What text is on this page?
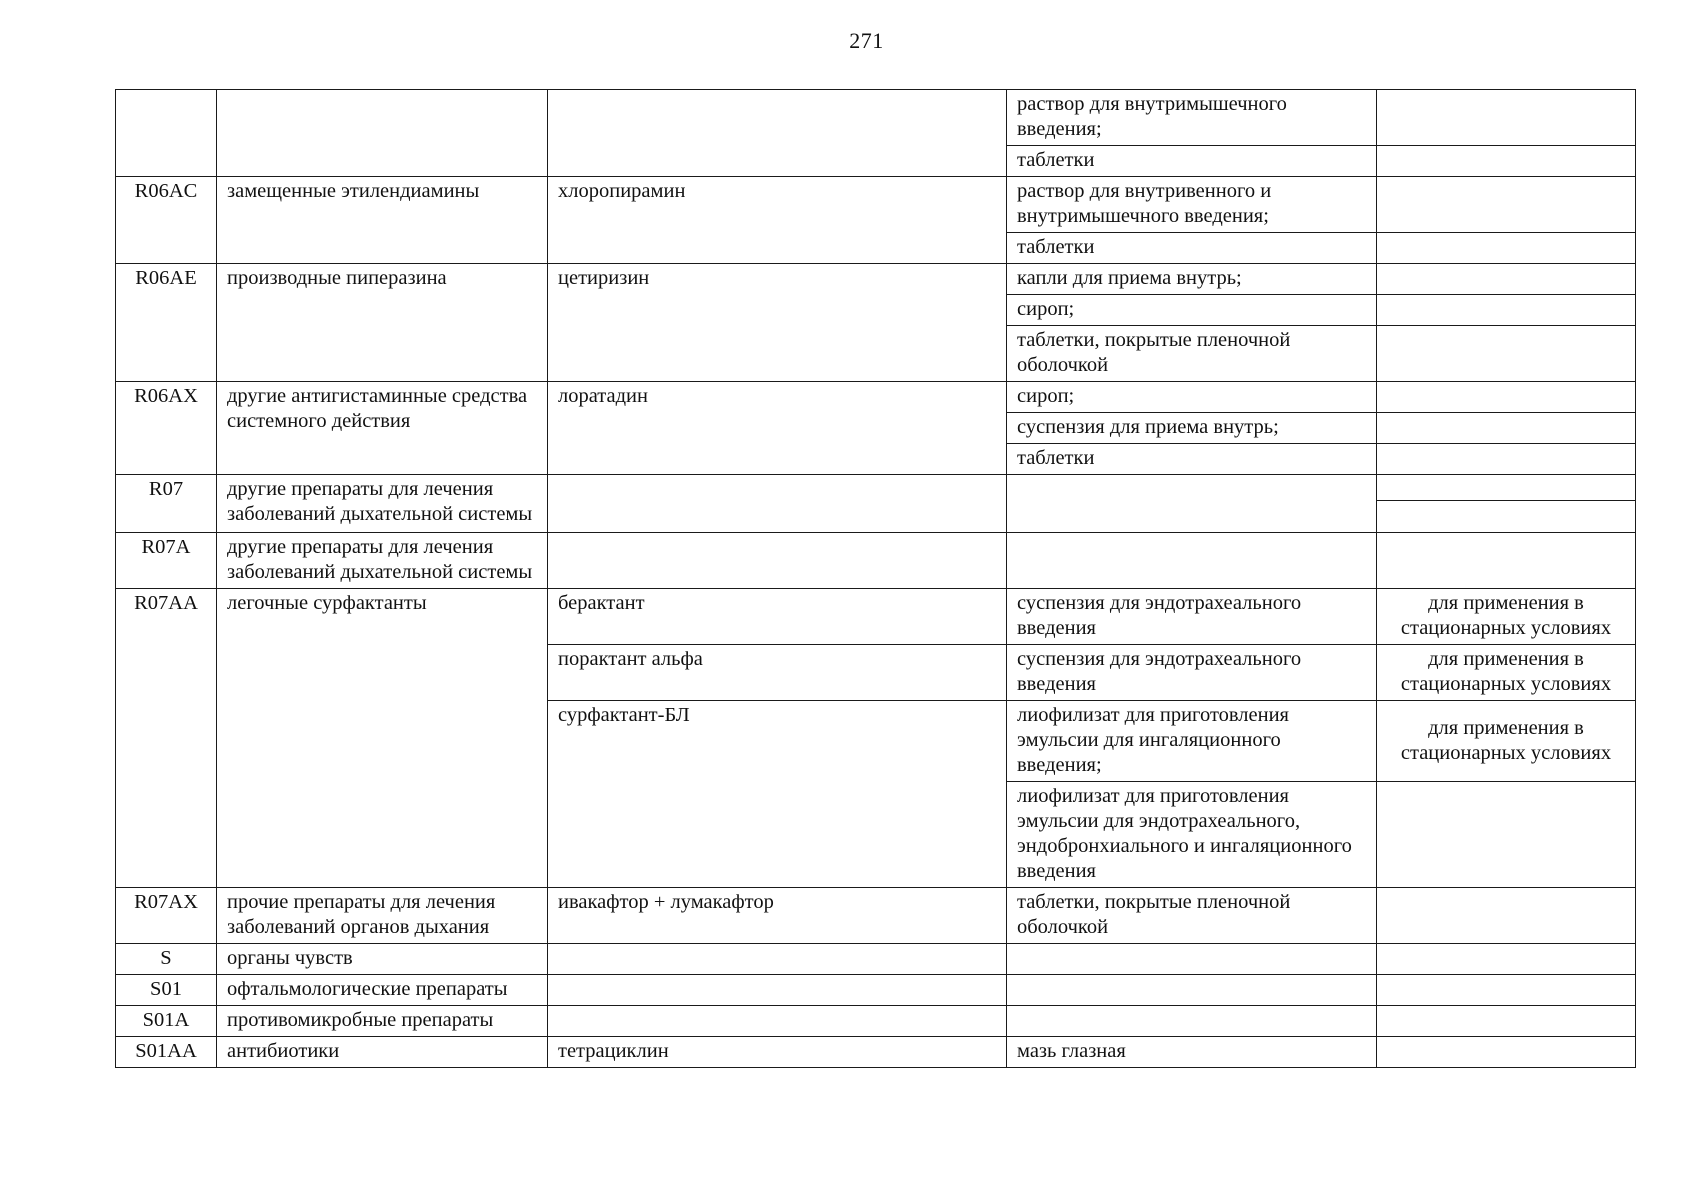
271
			раствор для внутримышечного введения;	
			таблетки	
R06AC	замещенные этилендиамины	хлоропирамин	раствор для внутривенного и внутримышечного введения;	
			таблетки	
R06AE	производные пиперазина	цетиризин	капли для приема внутрь;	
			сироп;	
			таблетки, покрытые пленочной оболочкой	
R06AX	другие антигистаминные средства системного действия	лоратадин	сироп;	
			суспензия для приема внутрь;	
			таблетки	
R07	другие препараты для лечения заболеваний дыхательной системы			

R07A	другие препараты для лечения заболеваний дыхательной системы			
R07AA	легочные сурфактанты	берактант	суспензия для эндотрахеального введения	для применения в стационарных условиях
		порактант альфа	суспензия для эндотрахеального введения	для применения в стационарных условиях
		сурфактант-БЛ	лиофилизат для приготовления эмульсии для ингаляционного введения;	для применения в стационарных условиях
			лиофилизат для приготовления эмульсии для эндотрахеального, эндобронхиального и ингаляционного введения	
R07AX	прочие препараты для лечения заболеваний органов дыхания	ивакафтор + лумакафтор	таблетки, покрытые пленочной оболочкой	
S	органы чувств			
S01	офтальмологические препараты			
S01A	противомикробные препараты			
S01AA	антибиотики	тетрациклин	мазь глазная	
